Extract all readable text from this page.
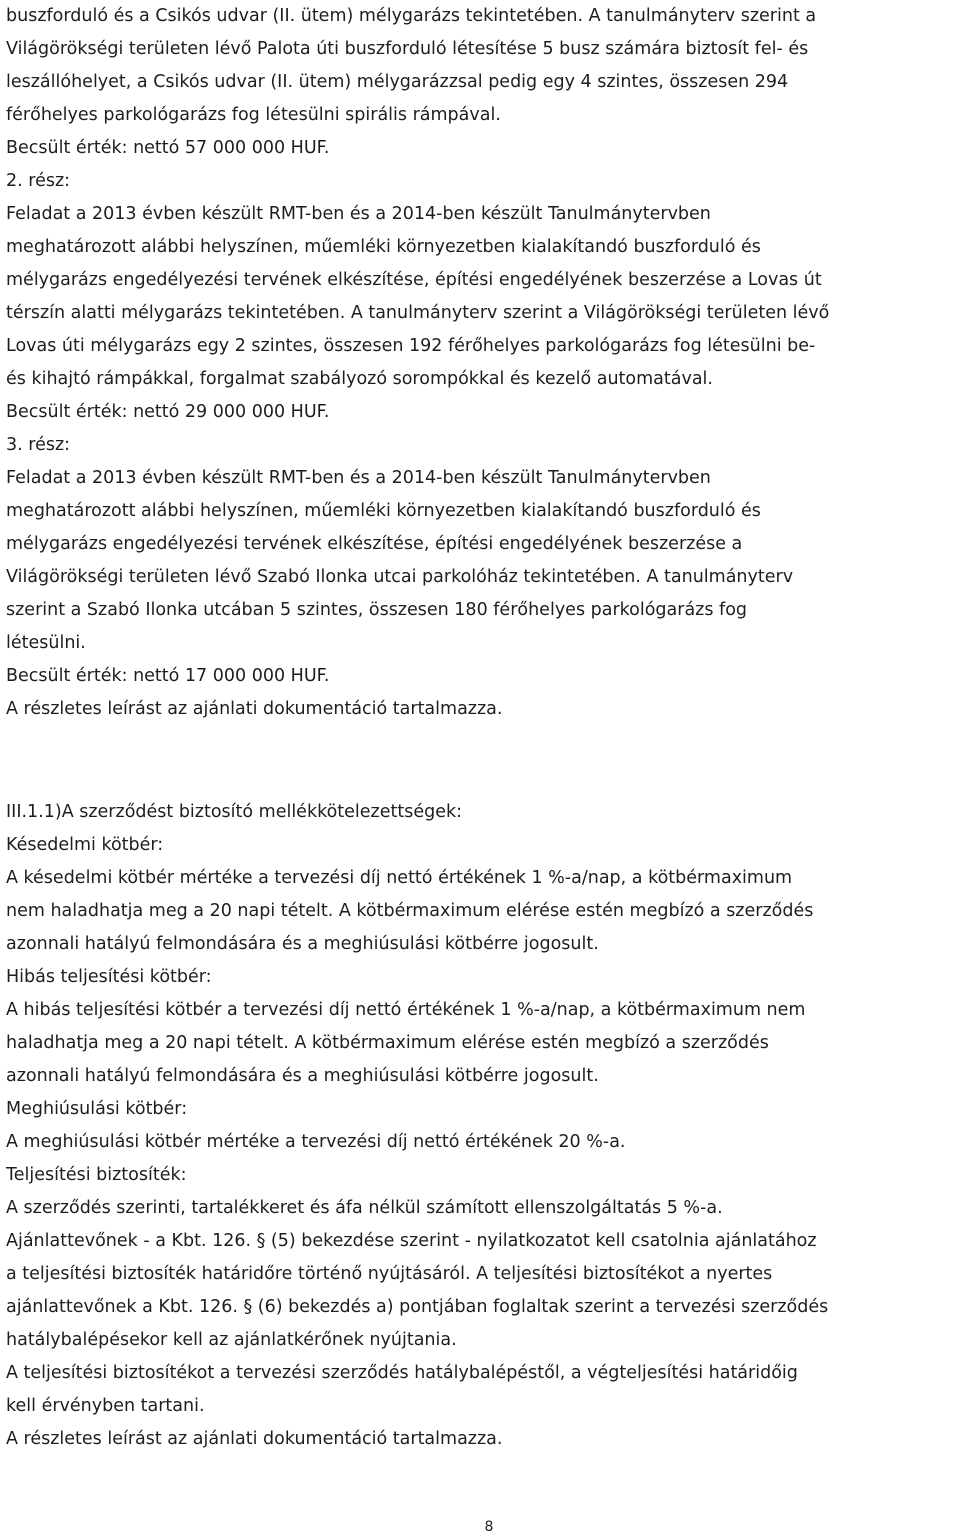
buszforduló és a Csikós udvar (II. ütem) mélygarázs tekintetében. A tanulmányterv szerint a
Világörökségi területen lévő Palota úti buszforduló létesítése 5 busz számára biztosít fel- és
leszállóhelyet, a Csikós udvar (II. ütem) mélygarázzsal pedig egy 4 szintes, összesen 294
férőhelyes parkológarázs fog létesülni spirális rámpával.
Becsült érték: nettó 57 000 000 HUF.
2. rész:
Feladat a 2013 évben készült RMT-ben és a 2014-ben készült Tanulmánytervben
meghatározott alábbi helyszínen, műemléki környezetben kialakítandó buszforduló és
mélygarázs engedélyezési tervének elkészítése, építési engedélyének beszerzése a Lovas út
térszín alatti mélygarázs tekintetében. A tanulmányterv szerint a Világörökségi területen lévő
Lovas úti mélygarázs egy 2 szintes, összesen 192 férőhelyes parkológarázs fog létesülni be-
és kihajtó rámpákkal, forgalmat szabályozó sorompókkal és kezelő automatával.
Becsült érték: nettó 29 000 000 HUF.
3. rész:
Feladat a 2013 évben készült RMT-ben és a 2014-ben készült Tanulmánytervben
meghatározott alábbi helyszínen, műemléki környezetben kialakítandó buszforduló és
mélygarázs engedélyezési tervének elkészítése, építési engedélyének beszerzése a
Világörökségi területen lévő Szabó Ilonka utcai parkolóház tekintetében. A tanulmányterv
szerint a Szabó Ilonka utcában 5 szintes, összesen 180 férőhelyes parkológarázs fog
létesülni.
Becsült érték: nettó 17 000 000 HUF.
A részletes leírást az ajánlati dokumentáció tartalmazza.
III.1.1)A szerződést biztosító mellékkötelezettségek:
Késedelmi kötbér:
A késedelmi kötbér mértéke a tervezési díj nettó értékének 1 %-a/nap, a kötbérmaximum
nem haladhatja meg a 20 napi tételt. A kötbérmaximum elérése estén megbízó a szerződés
azonnali hatályú felmondására és a meghiúsulási kötbérre jogosult.
Hibás teljesítési kötbér:
A hibás teljesítési kötbér a tervezési díj nettó értékének 1 %-a/nap, a kötbérmaximum nem
haladhatja meg a 20 napi tételt. A kötbérmaximum elérése estén megbízó a szerződés
azonnali hatályú felmondására és a meghiúsulási kötbérre jogosult.
Meghiúsulási kötbér:
A meghiúsulási kötbér mértéke a tervezési díj nettó értékének 20 %-a.
Teljesítési biztosíték:
A szerződés szerinti, tartalékkeret és áfa nélkül számított ellenszolgáltatás 5 %-a.
Ajánlattevőnek - a Kbt. 126. § (5) bekezdése szerint - nyilatkozatot kell csatolnia ajánlatához
a teljesítési biztosíték határidőre történő nyújtásáról. A teljesítési biztosítékot a nyertes
ajánlattevőnek a Kbt. 126. § (6) bekezdés a) pontjában foglaltak szerint a tervezési szerződés
hatálybalépésekor kell az ajánlatkérőnek nyújtania.
A teljesítési biztosítékot a tervezési szerződés hatálybalépéstől, a végteljesítési határidőig
kell érvényben tartani.
A részletes leírást az ajánlati dokumentáció tartalmazza.
8
